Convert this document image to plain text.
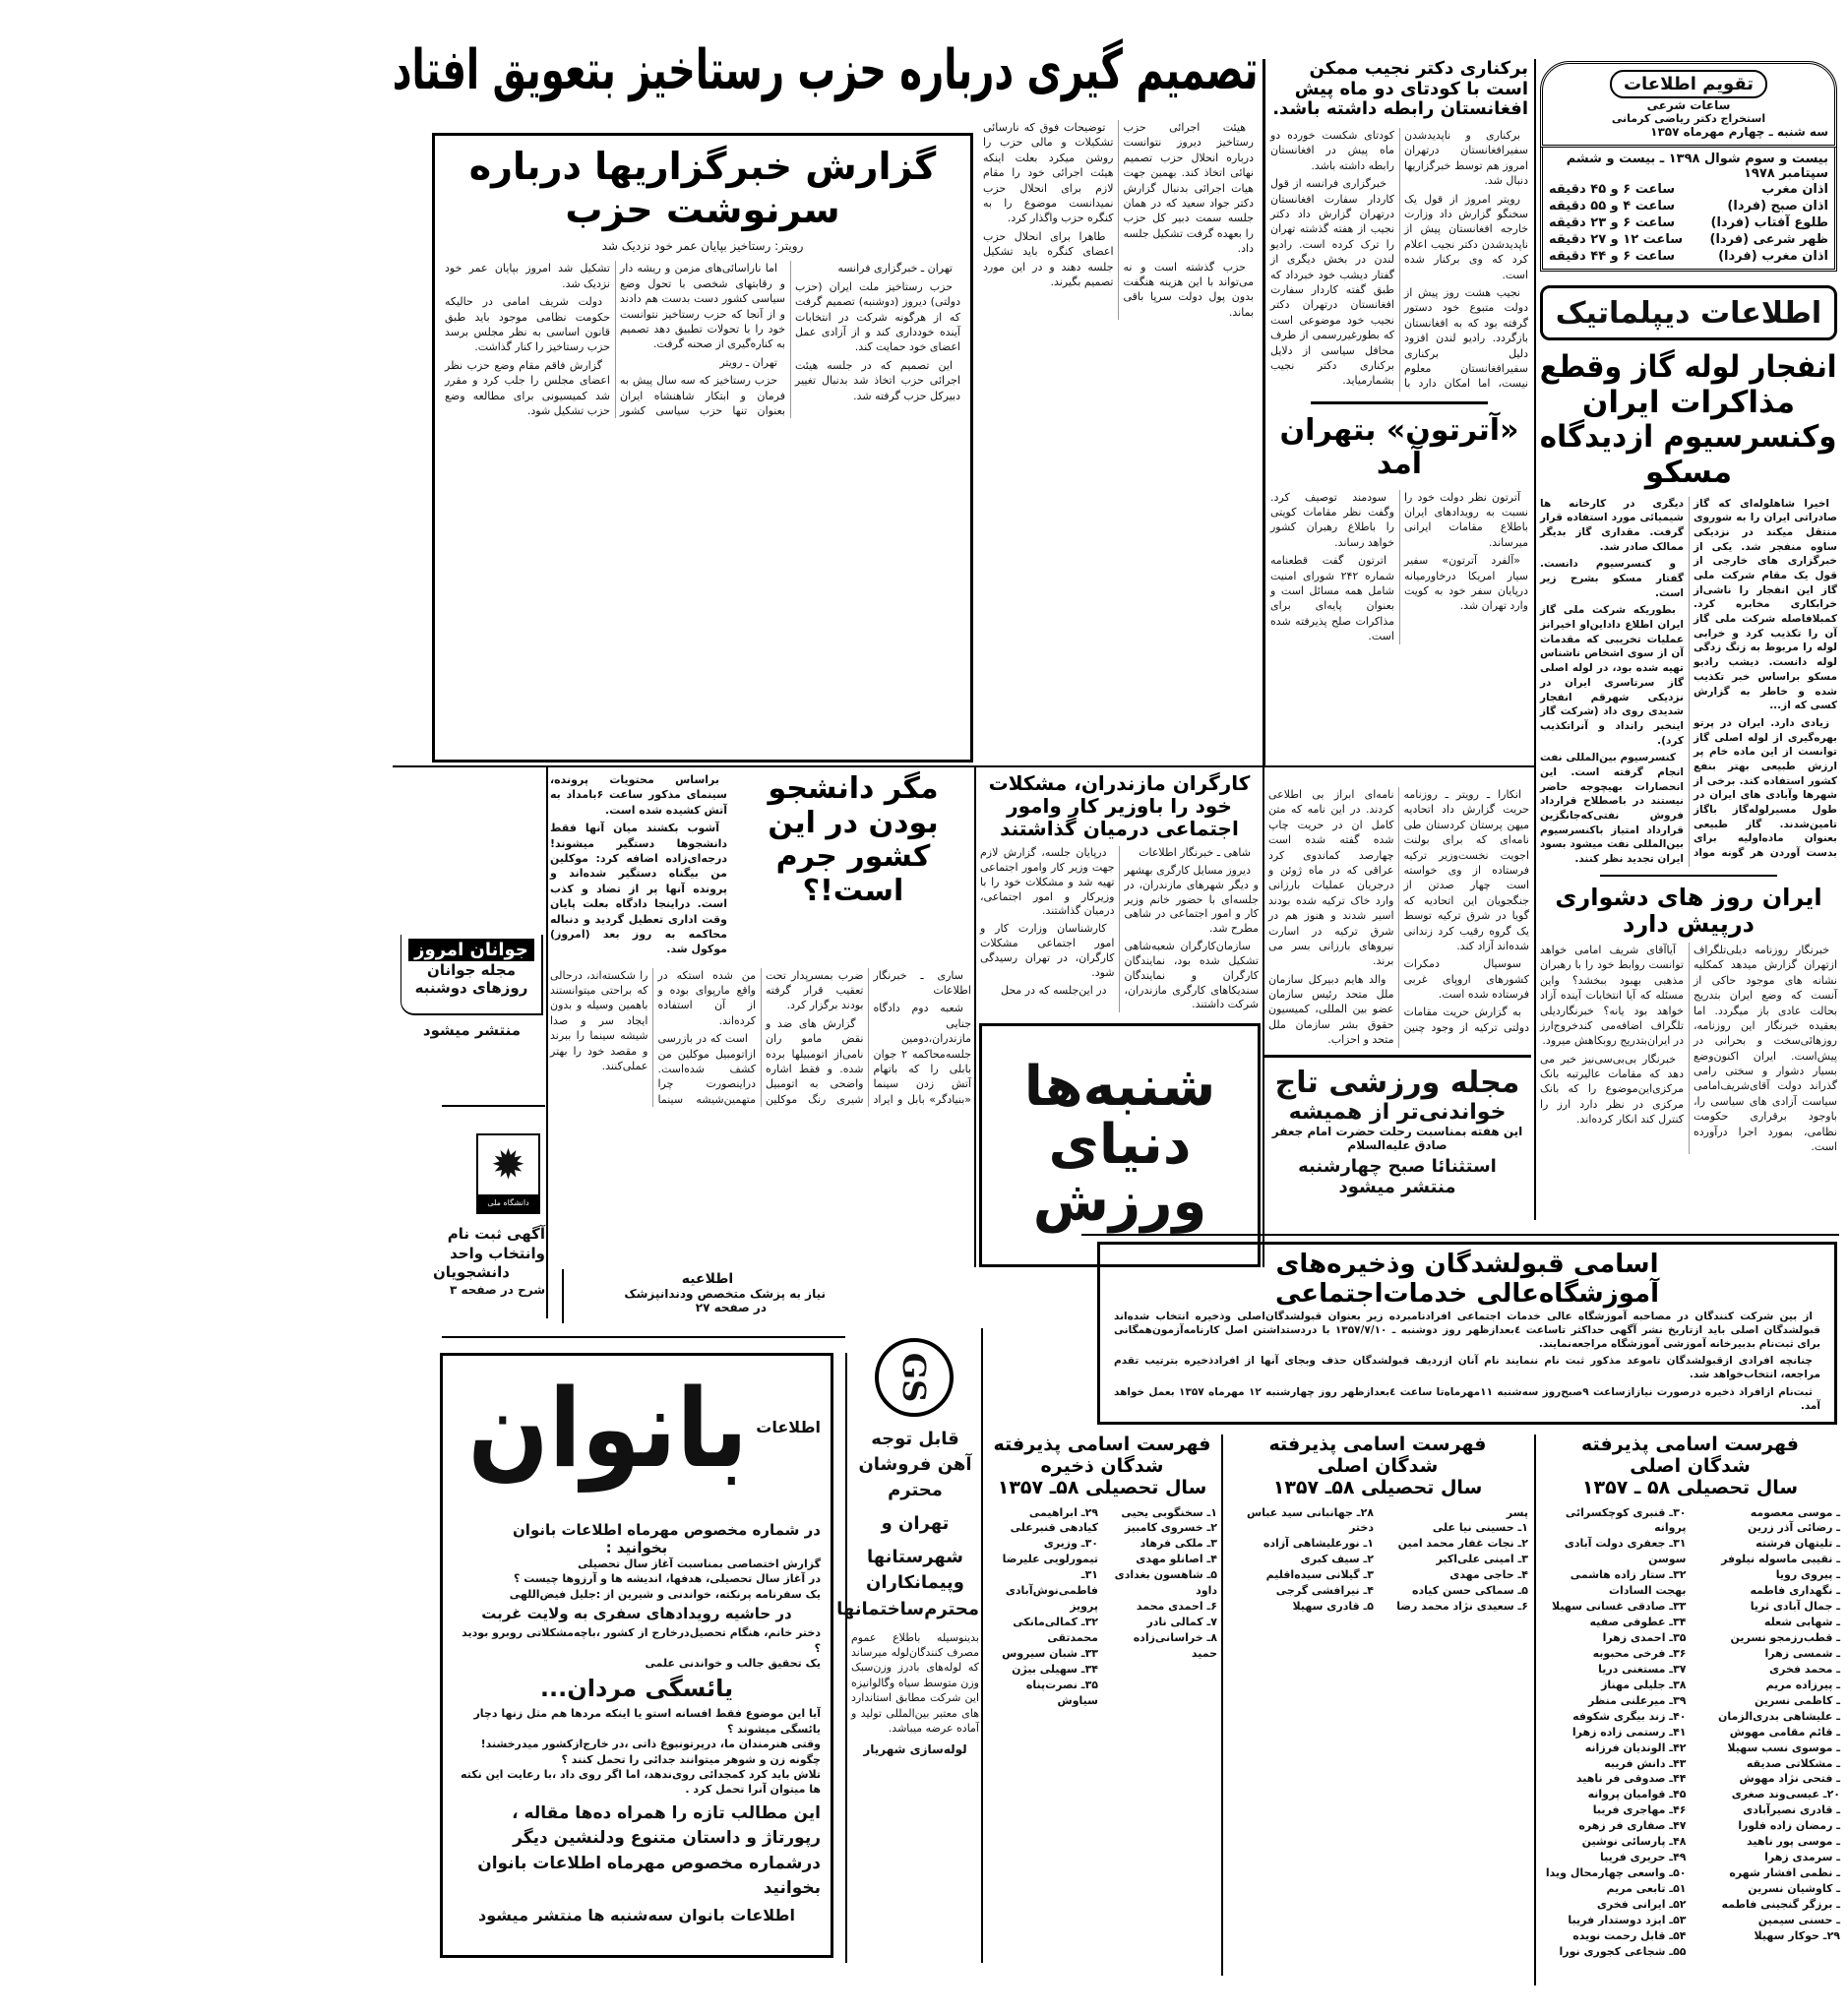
تصمیم گیری درباره حزب رستاخیز بتعویق افتاد

هیئت اجرائی حزب رستاخیز دیروز نتوانست درباره انحلال حزب تصمیم نهائی اتخاذ کند. بهمین جهت هیات اجرائی بدنبال گزارش دکتر جواد سعید که در همان جلسه سمت دبیر کل حزب را بعهده گرفت تشکیل جلسه داد.

حزب گذشته است و نه می‌تواند با این هزینه هنگفت بدون پول دولت سرپا باقی بماند.

توضیحات فوق که نارسائی تشکیلات و مالی حزب را روشن میکرد بعلت اینکه هیئت اجرائی خود را مقام لازم برای انحلال حزب نمیدانست موضوع را به کنگره حزب واگذار کرد.

طاهرا برای انحلال حزب اعضای کنگره باید تشکیل جلسه دهند و در این مورد تصمیم بگیرند.

گزارش خبرگزاریها درباره سرنوشت حزب
رویتر: رستاخیز بپایان عمر خود نزدیک شد

تهران ـ خبرگزاری فرانسه

حزب رستاخیز ملت ایران (حزب دولتی) دیروز (دوشنبه) تصمیم گرفت که از هرگونه شرکت در انتخابات آینده خودداری کند و از آزادی عمل اعضای خود حمایت کند.

این تصمیم که در جلسه هیئت اجرائی حزب اتخاذ شد بدنبال تغییر دبیرکل حزب گرفته شد.

اما ناراسائی‌های مزمن و ریشه دار و رقابتهای شخصی با تحول وضع سیاسی کشور دست بدست هم دادند و از آنجا که حزب رستاخیز نتوانست خود را با تحولات تطبیق دهد تصمیم به کناره‌گیری از صحنه گرفت.

تهران ـ رویتر

حزب رستاخیز که سه سال پیش به فرمان و ابتکار شاهنشاه ایران بعنوان تنها حزب سیاسی کشور تشکیل شد امروز بپایان عمر خود نزدیک شد.

دولت شریف امامی در حالیکه حکومت نظامی موجود باید طبق قانون اساسی به نظر مجلس برسد حزب رستاخیز را کنار گذاشت.

گزارش فاقم مقام وضع حزب نظر اعضای مجلس را جلب کرد و مقرر شد کمیسیونی برای مطالعه وضع حزب تشکیل شود.

برکناری دکتر نجیب ممکن است با کودتای دو ماه پیش افغانستان رابطه داشته باشد.

برکناری و ناپدیدشدن سفیرافغانستان درتهران امروز هم توسط خبرگزاریها دنبال شد.

رویتر امروز از قول یک سخنگو گزارش داد وزارت خارجه افغانستان پیش از ناپدیدشدن دکتر نجیب اعلام کرد که وی برکنار شده است.

نجیب هشت روز پیش از دولت متبوع خود دستور گرفته بود که به افغانستان بازگردد. رادیو لندن افزود دلیل برکناری سفیرافغانستان معلوم نیست، اما امکان دارد با کودتای شکست خورده دو ماه پیش در افغانستان رابطه داشته باشد.

خبرگزاری فرانسه از قول کاردار سفارت افغانستان درتهران گزارش داد دکتر نجیب از هفته گذشته تهران را ترک کرده است. رادیو لندن در بخش دیگری از گفتار دیشب خود خبرداد که طبق گفته کاردار سفارت افغانستان درتهران دکتر نجیب خود موضوعی است که بطورغیررسمی از طرف محافل سیاسی از دلایل برکناری دکتر نجیب بشمارمیاید.

«آترتون» بتهران آمد

آترتون نظر دولت خود را نسبت به رویدادهای ایران باطلاع مقامات ایرانی میرساند.

«آلفرد آترتون» سفیر سیار امریکا درخاورمیانه درپایان سفر خود به کویت وارد تهران شد.

سودمند توصیف کرد. وگفت نظر مقامات کویتی را باطلاع رهبران کشور خواهد رساند.

اترتون گفت قطعنامه شماره ۲۴۲ شورای امنیت شامل همه مسائل است و بعنوان پایه‌ای برای مذاکرات صلح پذیرفته شده است.

تقویم اطلاعات
ساعات شرعی
استخراج دکتر ریاضی کرمانی
سه شنبه ـ چهارم مهرماه ۱۳۵۷
بیست و سوم شوال ۱۳۹۸ ـ بیست و ششم سپتامبر ۱۹۷۸
اذان مغرب
ساعت ۶ و ۴۵ دقیقه
اذان صبح (فردا)
ساعت ۴ و ۵۵ دقیقه
طلوع آفتاب (فردا)
ساعت ۶ و ۲۳ دقیقه
ظهر شرعی (فردا)
ساعت ۱۲ و ۲۷ دقیقه
اذان مغرب (فردا)
ساعت ۶ و ۴۴ دقیقه
اطلاعات دیپلماتیک
انفجار لوله گاز وقطع
مذاکرات ایران
وکنسرسیوم ازدیدگاه
مسکو

اخیرا شاهلوله‌ای که گاز صادراتی ایران را به شوروی منتقل میکند در نزدیکی ساوه منفجر شد. یکی از خبرگزاری های خارجی از قول یک مقام شرکت ملی گاز این انفجار را ناشی‌از خرابکاری مخابره کرد. کمبلافاصله شرکت ملی گاز آن را تکذیب کرد و خرابی لوله را مربوط به زنگ زدگی لوله دانست. دیشب رادیو مسکو براساس خبر تکذیب شده و خاطر به گزارش کسی که از...

زیادی دارد. ایران در پرتو بهره‌گیری از لوله اصلی گاز توانست از این ماده خام پر ارزش طبیعی بهتر بنفع کشور استفاده کند. برخی از شهرها وآبادی های ایران در طول مسیرلوله‌گاز باگاز تامین‌شدند. گاز طبیعی بعنوان ماده‌اولیه برای بدست آوردن هر گونه مواد دیگری در کارخانه ها شیمیائی مورد استفاده قرار گرفت. مقداری گاز بدیگر ممالک صادر شد.

و کنسرسیوم دانست. گفتار مسکو بشرح زیر است.

بطوریکه شرکت ملی گاز ایران اطلاع داداین‌او اخیرانز عملیات تخریبی که مقدمات آن از سوی اشخاص ناشناس تهیه شده بود، در لوله اصلی گاز سرتاسری ایران در نزدیکی شهرقم انفجار شدیدی روی داد (شرکت گاز اینخبر رانداد و آنراتکذیب کرد).

کنسرسیوم بین‌المللی نفت انجام گرفته است. این انحصارات بهیچوجه حاضر نیستند در باصطلاح قرارداد فروش نفتی‌که‌جانگزین قرارداد امتیاز باکنسرسیوم بین‌المللی نفت میشود بسود ایران تجدید نظر کنند.

ایران روز های دشواری درپیش دارد

خبرنگار روزنامه دیلی‌تلگراف ازتهران گزارش میدهد کمکلیه نشانه های موجود حاکی از آنست که وضع ایران بتدریج بحالت عادی باز میگردد. اما بعقیده خبرنگار این روزنامه، روزهائی‌سخت و بحرانی در پیش‌است. ایران اکنون‌وضع بسیار دشوار و سختی رامی گذراند دولت آقای‌شریف‌امامی سیاست آزادی های سیاسی را، باوجود برقراری حکومت نظامی، بمورد اجرا درآورده است.

آیاآقای شریف امامی خواهد توانست روابط خود را با رهبران مذهبی بهبود ببخشد؟ واین مسئله که آیا انتخابات آینده آزاد خواهد بود یانه؟ خبرنگاردیلی تلگراف اضافه‌می کندخروج‌ارز در ایران‌بتدریج روبکاهش میرود.

خبرنگار بی‌بی‌سی‌نیز خبر می دهد که مقامات عالیرتبه بانک مرکزی‌این‌موضوع را که بانک مرکزی در نظر دارد ارز را کنترل کند انکار کرده‌اند.

مگر دانشجو بودن در این کشور جرم است!؟

براساس محتویات پرونده، سینمای مذکور ساعت ۶بامداد به آتش کشیده شده است.

آشوب بکشند میان آنها فقط دانشجوها دستگیر میشوند! درجه‌ای‌زاده اضافه کرد: موکلین من بیگناه دستگیر شده‌اند و پرونده آنها پر از تضاد و کذب است. دراینجا دادگاه بعلت پایان وقت اداری تعطیل گردید و دنباله محاکمه به روز بعد (امروز) موکول شد.

ساری ـ خبرنگار اطلاعات

شعبه دوم دادگاه جنایی مازندران،دومین جلسه‌محاکمه ۲ جوان بابلی را که باتهام آتش زدن سینما «بنیادگر» بابل و ایراد ضرب بمسرپدار تحت تعقیب قرار گرفته بودند برگزار کرد.

گزارش های ضد و نقض مامو ران نامی‌از اتومبیلها برده شده. و فقط اشاره واضحی به اتومبیل شیری رنگ موکلین من شده استکه در واقع مارپوای بوده و از آن استفاده کرده‌اند.

است که در بازرسی ازاتومبیل موکلین من کشف شده‌است. دراینصورت چرا متهمین‌شیشه سینما را شکسته‌اند، درحالی که براحتی میتوانستند باهمین وسیله و بدون ایجاد سر و صدا شیشه سینما را ببرند و مقصد خود را بهتر عملی‌کنند.

کارگران مازندران، مشکلات خود را باوزیر کار وامور اجتماعی درمیان گذاشتند

شاهی ـ خبرنگار اطلاعات

دیروز مسایل کارگری بهشهر و دیگر شهرهای مازندران، در جلسه‌ای با حضور خانم وزیر کار و امور اجتماعی در شاهی مطرح شد.

سازمان‌کارگران شعبه‌شاهی تشکیل شده بود، نمایندگان کارگران و نمایندگان سندیکاهای کارگری مازندران، شرکت داشتند.

درپایان جلسه، گزارش لازم جهت وزیر کار وامور اجتماعی تهیه شد و مشکلات خود را با وزیرکار و امور اجتماعی، درمیان گذاشتند.

کارشناسان وزارت کار و امور اجتماعی مشکلات کارگران، در تهران رسیدگی شود.

در این‌جلسه که در محل

انکارا ـ رویتر ـ روزنامه حریت گزارش داد اتحادیه میهن پرستان کردستان طی نامه‌ای که برای بولنت اجویت نخست‌وزیر ترکیه فرستاده از وی خواسته است چهار صدتن از جنگجویان این اتحادیه که گویا در شرق ترکیه توسط یک گروه رقیب کرد زندانی شده‌اند آزاد کند.

سوسیال دمکرات کشورهای اروپای غربی فرستاده شده است.

به گزارش حریت مقامات دولتی ترکیه از وجود چنین نامه‌ای ابراز بی اطلاعی کردند. در این نامه که متن کامل ان در حریت چاپ شده گفته شده است چهارصد کماندوی کرد عراقی که در ماه ژوئن و درجریان عملیات بارزانی وارد خاک ترکیه شده بودند اسیر شدند و هنوز هم در شرق ترکیه در اسارت نیروهای بارزانی بسر می برند.

والد هایم دبیرکل سازمان ملل متحد رئیس سازمان عضو بین المللی، کمیسیون حقوق بشر سازمان ملل متحد و احزاب.

شنبه‌ها
دنیای
ورزش
مجله ورزشی تاج
خواندنی‌تر از همیشه
این هفته بمناسبت رحلت حضرت امام جعفر صادق علیه‌السلام
استثنائا صبح چهارشنبه
منتشر میشود
جوانان امروز
مجله جوانان
روزهای دوشنبه
منتشر میشود
✹
دانشگاه ملی ایران
آگهی ثبت نام
وانتخاب واحد
دانشجویان
شرح در صفحه ۳
اطلاعیه
نیاز به پزشک متخصص ودندانپزشک
در صفحه ۲۷
اطلاعات
بانوان
در شماره مخصوص مهرماه اطلاعات بانوان
بخوانید :

گزارش اختصاصی بمناسبت آغاز سال تحصیلی

در آغاز سال تحصیلی، هدفها، اندیشه ها و آرزوها چیست ؟

یک سفرنامه پرنکته، خواندنی و شیرین از :جلیل فیض‌اللهی

در حاشیه رویدادهای سفری به ولایت غربت

دختر خانم، هنگام تحصیل‌درخارج از کشور ،باچه‌مشکلاتی روبرو بودید ؟

یک تحقیق جالب و خواندنی علمی

یائسگی مردان...

آیا این موضوع فقط افسانه استو یا اینکه مردها هم مثل زنها دچار یائسگی میشوند ؟

وقتی هنرمندان ما، درپرتونبوغ ذاتی ،در خارج‌ازکشور میدرخشند!

چگونه زن و شوهر میتوانند جدائی را تحمل کنند ؟

تلاش باید کرد کمجدائی روی‌ندهد، اما اگر روی داد ،با رعایت این نکته ها میتوان آنرا تحمل کرد .

این مطالب تازه را همراه ده‌ها مقاله ، رپورتاژ و داستان متنوع ودلنشین دیگر درشماره مخصوص مهرماه اطلاعات بانوان بخوانید
اطلاعات بانوان سه‌شنبه ها منتشر میشود
GS
قابل توجه
آهن فروشان
محترم
تهران و
شهرستانها
وپیمانکاران
محترم‌ساختمانها
بدینوسیله باطلاع عموم مصرف کنندگان‌لوله میرساند که لوله‌های بادرز وزن‌سبک وزن متوسط سیاه وگالوانیزه این شرکت مطابق استاندارد های معتبر بین‌المللی تولید و آماده عرضه میباشد.
لوله‌سازی شهریار
اسامی قبولشدگان وذخیره‌های
آموزشگاه‌عالی خدمات‌اجتماعی

از بین شرکت کنندگان در مصاحبه آموزشگاه عالی خدمات اجتماعی افرادنامبرده زیر بعنوان قبولشدگان‌اصلی وذخیره انتخاب شده‌اند قبولشدگان اصلی باید ازتاریخ نشر آگهی حداکثر تاساعت ٤بعدازظهر روز دوشنبه ـ ۱۳۵۷/۷/۱۰ با دردستداشتن اصل کارنامه‌آزمون‌همگانی برای ثبت‌نام بدبیرخانه آموزشی آموزشگاه مراجعه‌نمایند.

چنانچه افرادی ازقبولشدگان تاموعد مذکور ثبت نام ننمایند نام آنان ازردیف قبولشدگان حذف وبجای آنها از افرادذخیره بترتیب تقدم مراجعه، انتخاب‌خواهد شد.

ثبت‌نام ازافراد ذخیره درصورت نیازازساعت ۹صبح‌روز سه‌شنبه ۱۱مهرماه‌تا ساعت ٤بعدازظهر روز چهارشنبه ۱۲ مهرماه ۱۳۵۷ بعمل خواهد آمد.

فهرست اسامی پذیرفته
شدگان ذخیره
سال تحصیلی ۵۸ـ ۱۳۵۷
۱ـ سخنگوبی یحیی
۲ـ خسروی کامبیز
۳ـ ملکی فرهاد
۴ـ اصانلو مهدی
۵ـ شاهسون بغدادی داود
۶ـ احمدی محمد
۷ـ کمالی نادر
۸ـ خراسانی‌زاده حمید
۲۹ـ ابراهیمی کیادهی قنبرعلی
۳۰ـ وزیری تیمورلویی علیرضا
۳۱ـ فاطمی‌نوش‌آبادی پرویز
۳۲ـ کمالی‌مانکی محمدتقی
۳۳ـ شبان سیروس
۳۴ـ سهیلی بیژن
۳۵ـ نصرت‌پناه سیاوش
فهرست اسامی پذیرفته
شدگان اصلی
سال تحصیلی ۵۸ـ ۱۳۵۷
پسر
۱ـ حسینی نیا علی
۲ـ نجات غفار محمد امین
۳ـ امینی علی‌اکبر
۴ـ حاجی مهدی
۵ـ سماکی حسن کیاده
۶ـ سعیدی نژاد محمد رضا
۲۸ـ جهانبانی سید عباس
دختر
۱ـ نورعلیشاهی آزاده
۲ـ سیف کبری
۳ـ گیلانی سیده‌اقلیم
۴ـ نیرافشی گرجی
۵ـ قادری سهیلا
فهرست اسامی پذیرفته
شدگان اصلی
سال تحصیلی ۵۸ ـ ۱۳۵۷
ـ موسی معصومه
ـ رضائی آذر زرین
ـ تلیتهان فرشته
ـ نقیبی ماسوله نیلوفر
ـ پیروی رویا
ـ نگهداری فاطمه
ـ جمال آبادی ثریا
ـ شهابی شعله
ـ قطب‌رزمجو نسرین
ـ شمسی زهرا
ـ محمد فخری
ـ پیرزاده مریم
ـ کاظمی نسرین
ـ علیشاهی بدری‌الزمان
ـ قائم مقامی مهوش
ـ موسوی نسب سهیلا
ـ مشکلاتی صدیقه
ـ فتحی نژاد مهوش
۲۰ـ عیسی‌وند صغری
ـ قادری نصیرآبادی
ـ رمضان زاده فلورا
ـ موسی پور ناهید
ـ سرمدی زهرا
ـ نظمی افشار شهره
ـ کاوشیان نسرین
ـ برزگر گنجینی فاطمه
ـ حسنی سیمین
۲۹ـ حوکار سهیلا
۳۰ـ قنبری کوچکسرائی پروانه
۳۱ـ جعفری دولت آبادی سوسن
۳۲ـ ستار زاده هاشمی بهجت السادات
۳۳ـ صادقی غسانی سهیلا
۳۴ـ عطوفی صفیه
۳۵ـ احمدی زهرا
۳۶ـ فرخی محبوبه
۳۷ـ مستغنی دریا
۳۸ـ جلیلی مهناز
۳۹ـ میرعلنی منظر
۴۰ـ زند بیگری شکوفه
۴۱ـ رستمی زاده زهرا
۴۲ـ الوندیان فرزانه
۴۳ـ دانش فریبه
۴۴ـ صدوقی فر ناهید
۴۵ـ قوامیان پروانه
۴۶ـ مهاجری فریبا
۴۷ـ صفاری فر زهره
۴۸ـ پارسائی نوشین
۴۹ـ حریری فریبا
۵۰ـ واسعی چهارمحال ویدا
۵۱ـ تابعی مریم
۵۲ـ ایرانی فخری
۵۳ـ ایزد دوستدار فریبا
۵۴ـ قابل رحمت نویده
۵۵ـ شجاعی کجوری نورا
